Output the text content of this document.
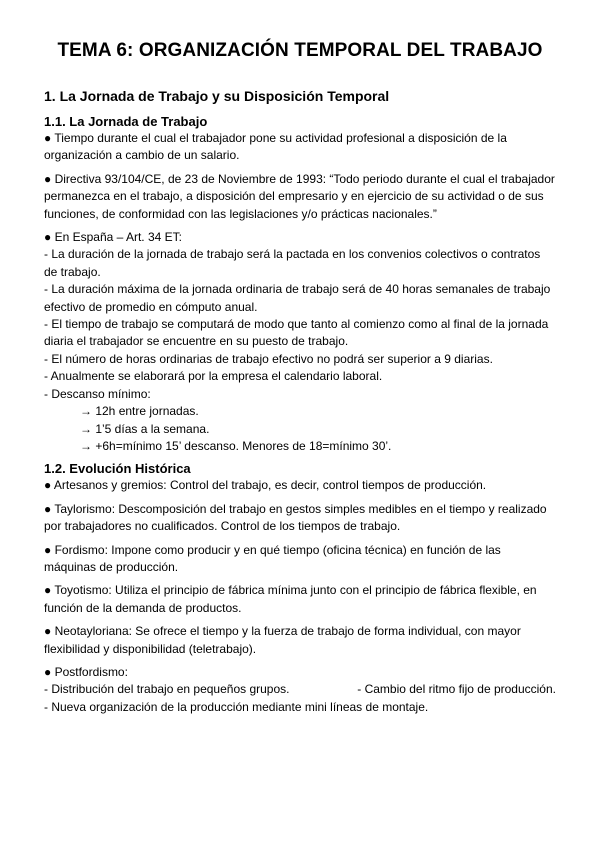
TEMA 6: ORGANIZACIÓN TEMPORAL DEL TRABAJO
1. La Jornada de Trabajo y su Disposición Temporal
1.1. La Jornada de Trabajo
● Tiempo durante el cual el trabajador pone su actividad profesional a disposición de la organización a cambio de un salario.
● Directiva 93/104/CE, de 23 de Noviembre de 1993: “Todo periodo durante el cual el trabajador permanezca en el trabajo, a disposición del empresario y en ejercicio de su actividad o de sus funciones, de conformidad con las legislaciones y/o prácticas nacionales.”
● En España – Art. 34 ET:
- La duración de la jornada de trabajo será la pactada en los convenios colectivos o contratos de trabajo.
- La duración máxima de la jornada ordinaria de trabajo será de 40 horas semanales de trabajo efectivo de promedio en cómputo anual.
- El tiempo de trabajo se computará de modo que tanto al comienzo como al final de la jornada diaria el trabajador se encuentre en su puesto de trabajo.
- El número de horas ordinarias de trabajo efectivo no podrá ser superior a 9 diarias.
- Anualmente se elaborará por la empresa el calendario laboral.
- Descanso mínimo:
→ 12h entre jornadas.
→ 1’5 días a la semana.
→ +6h=mínimo 15’ descanso. Menores de 18=mínimo 30’.
1.2. Evolución Histórica
● Artesanos y gremios: Control del trabajo, es decir, control tiempos de producción.
● Taylorismo: Descomposición del trabajo en gestos simples medibles en el tiempo y realizado por trabajadores no cualificados. Control de los tiempos de trabajo.
● Fordismo: Impone como producir y en qué tiempo (oficina técnica) en función de las máquinas de producción.
● Toyotismo: Utiliza el principio de fábrica mínima junto con el principio de fábrica flexible, en función de la demanda de productos.
● Neotayloriana: Se ofrece el tiempo y la fuerza de trabajo de forma individual, con mayor flexibilidad y disponibilidad (teletrabajo).
● Postfordismo:
- Distribución del trabajo en pequeños grupos.	- Cambio del ritmo fijo de producción.
- Nueva organización de la producción mediante mini líneas de montaje.
